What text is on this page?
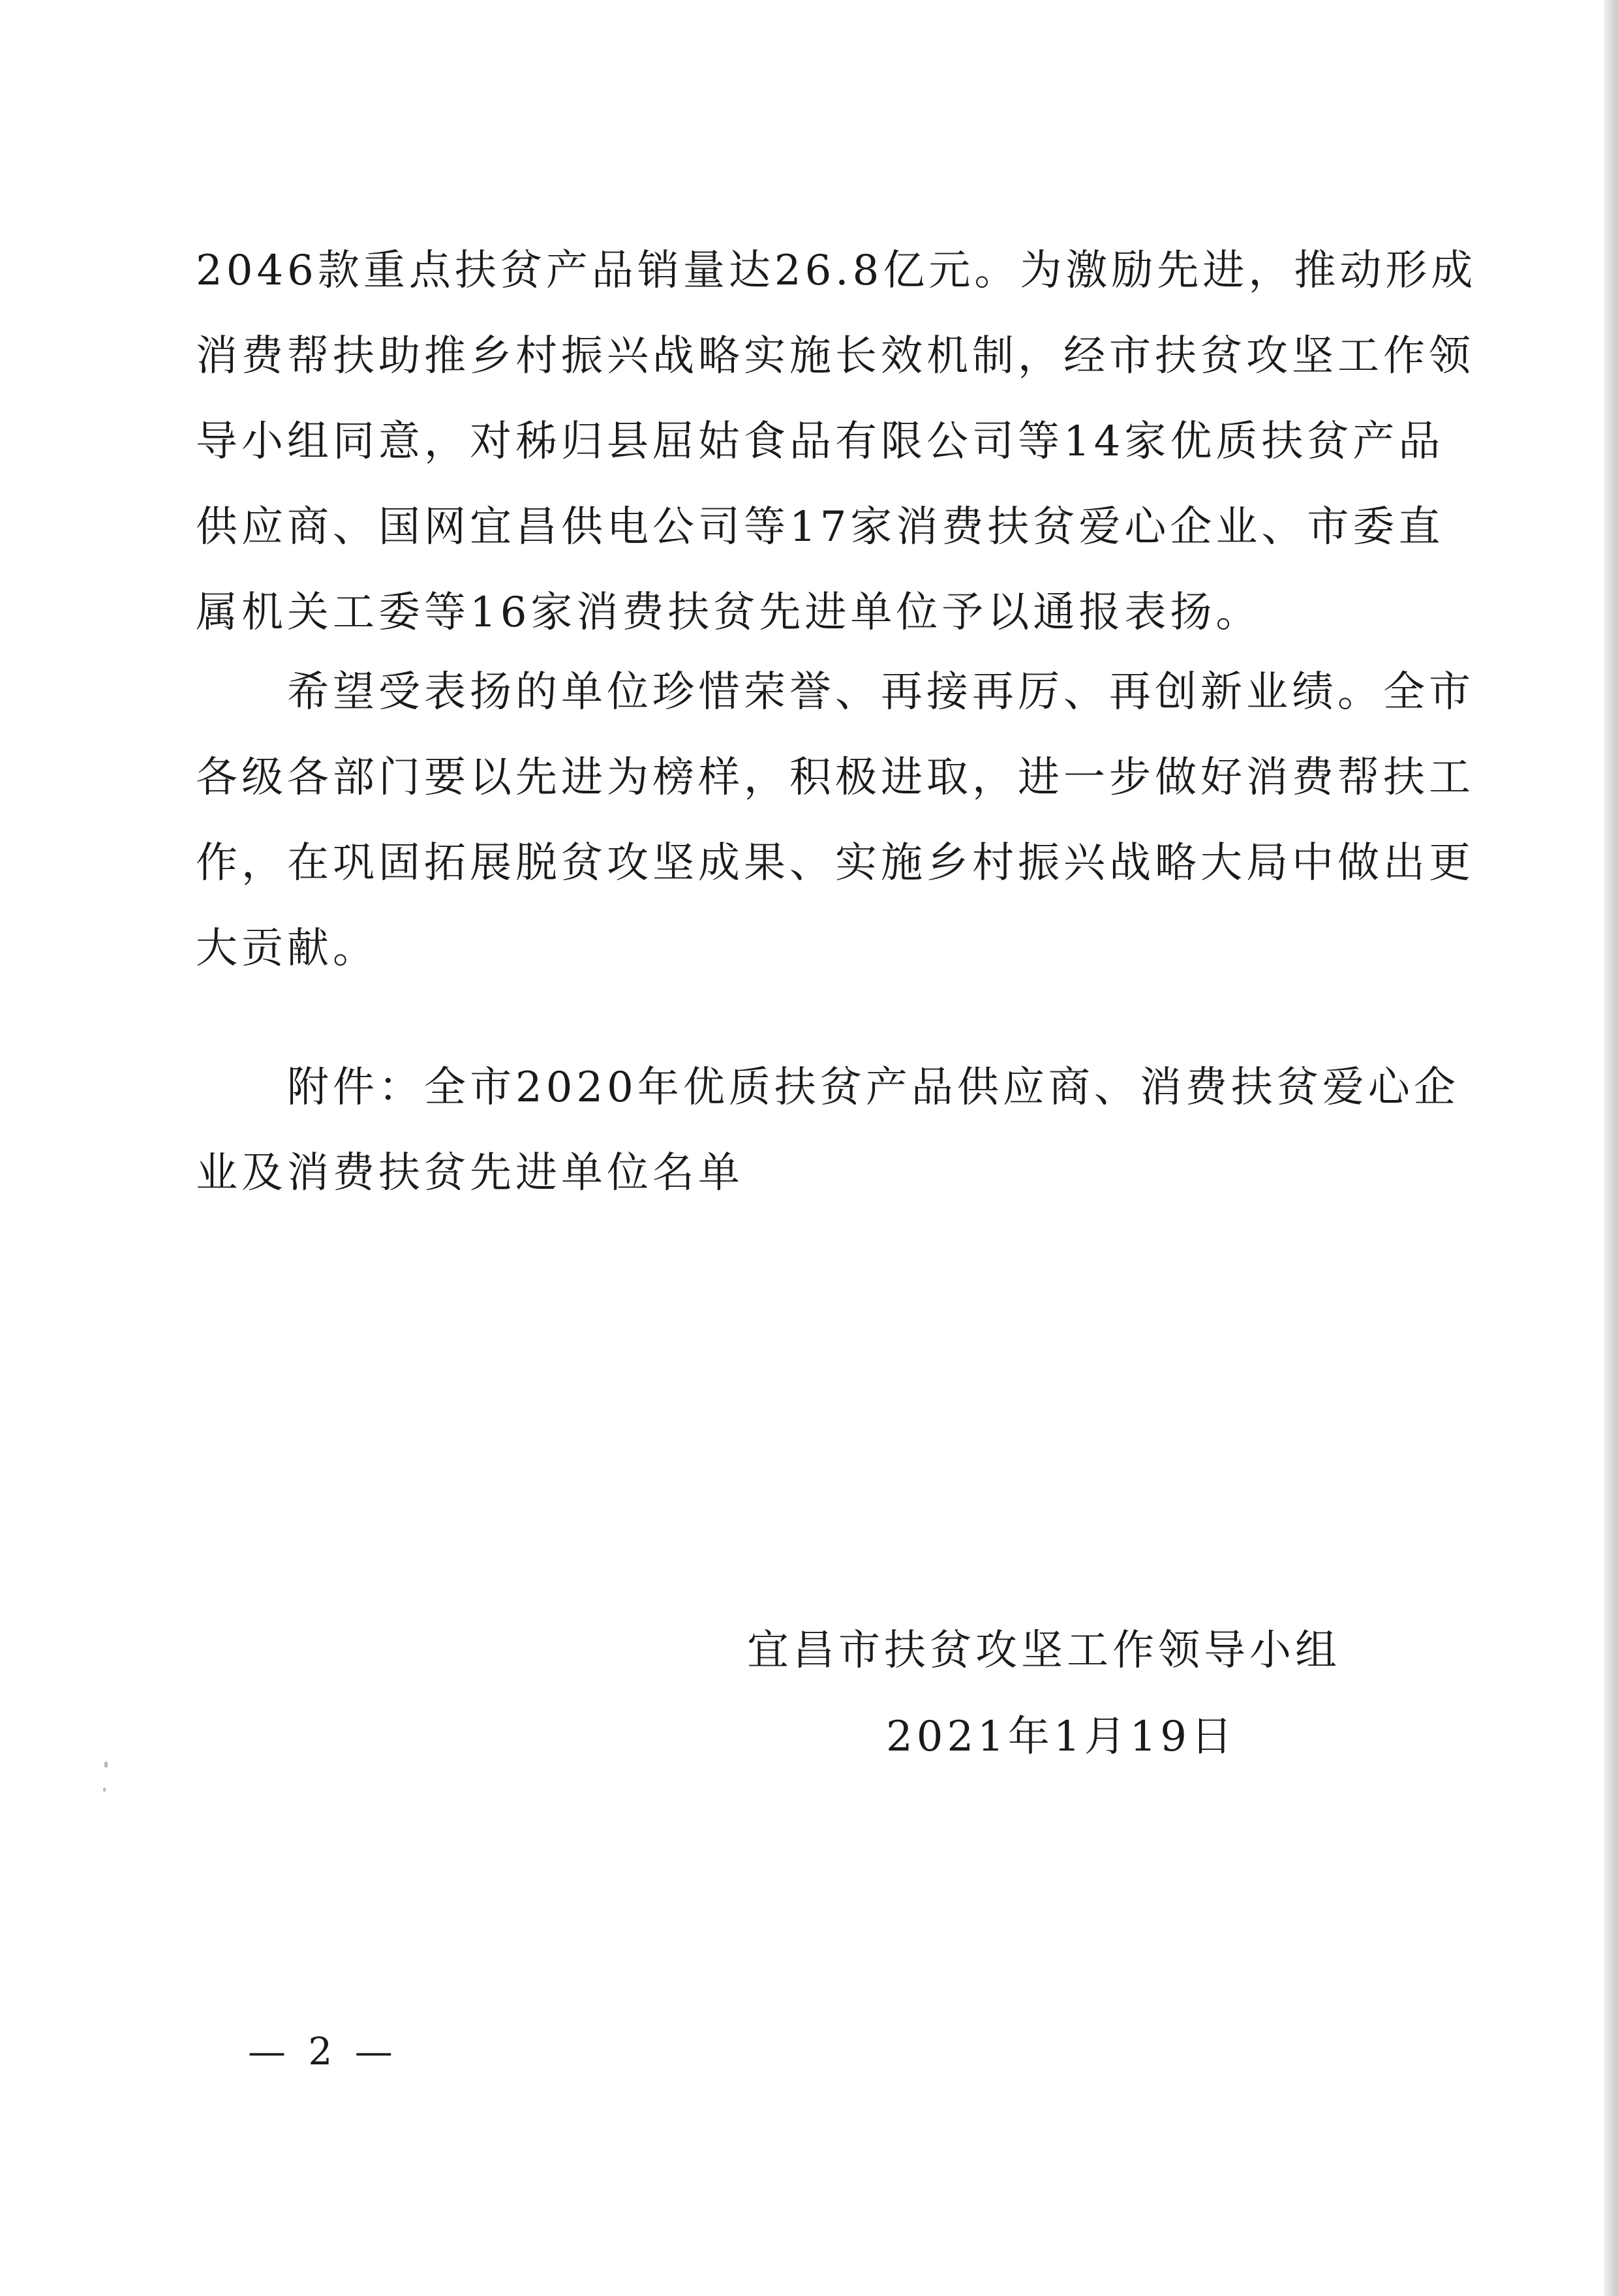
2046款重点扶贫产品销量达26.8亿元。为激励先进，推动形成
消费帮扶助推乡村振兴战略实施长效机制，经市扶贫攻坚工作领
导小组同意，对秭归县屈姑食品有限公司等14家优质扶贫产品
供应商、国网宜昌供电公司等17家消费扶贫爱心企业、市委直
属机关工委等16家消费扶贫先进单位予以通报表扬。
希望受表扬的单位珍惜荣誉、再接再厉、再创新业绩。全市
各级各部门要以先进为榜样，积极进取，进一步做好消费帮扶工
作，在巩固拓展脱贫攻坚成果、实施乡村振兴战略大局中做出更
大贡献。
附件：全市2020年优质扶贫产品供应商、消费扶贫爱心企
业及消费扶贫先进单位名单
宜昌市扶贫攻坚工作领导小组
2021年1月19日
— 2 —
